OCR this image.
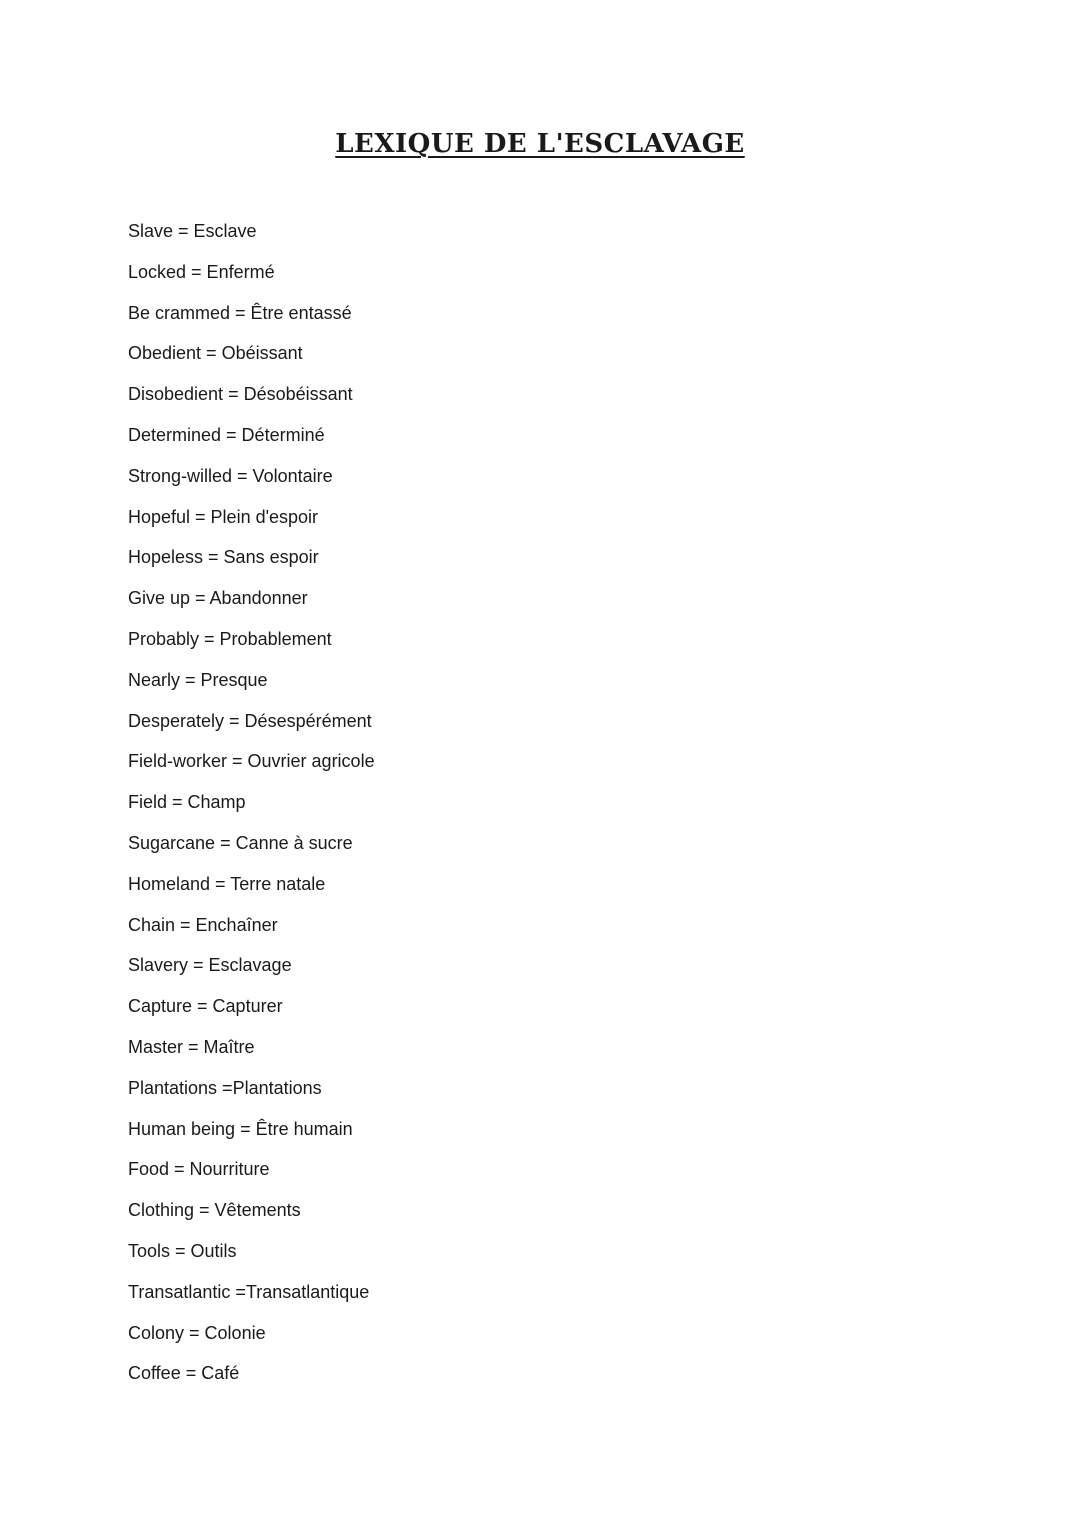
LEXIQUE DE L'ESCLAVAGE
Slave = Esclave
Locked = Enfermé
Be crammed = Être entassé
Obedient = Obéissant
Disobedient = Désobéissant
Determined = Déterminé
Strong-willed = Volontaire
Hopeful = Plein d'espoir
Hopeless = Sans espoir
Give up = Abandonner
Probably = Probablement
Nearly = Presque
Desperately = Désespérément
Field-worker = Ouvrier agricole
Field = Champ
Sugarcane = Canne à sucre
Homeland = Terre natale
Chain = Enchaîner
Slavery = Esclavage
Capture = Capturer
Master = Maître
Plantations =Plantations
Human being = Être humain
Food = Nourriture
Clothing = Vêtements
Tools = Outils
Transatlantic =Transatlantique
Colony = Colonie
Coffee = Café
